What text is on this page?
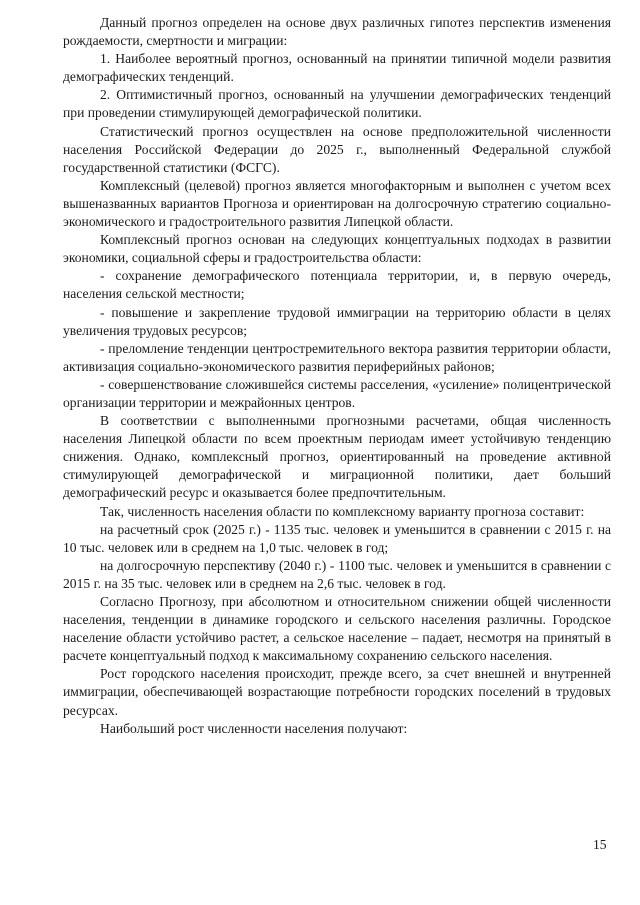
Данный прогноз определен на основе двух различных гипотез перспектив изменения рождаемости, смертности и миграции:

1. Наиболее вероятный прогноз, основанный на принятии типичной модели развития демографических тенденций.

2. Оптимистичный прогноз, основанный на улучшении демографических тенденций при проведении стимулирующей демографической политики.

Статистический прогноз осуществлен на основе предположительной численности населения Российской Федерации до 2025 г., выполненный Федеральной службой государственной статистики (ФСГС).

Комплексный (целевой) прогноз является многофакторным и выполнен с учетом всех вышеназванных вариантов Прогноза и ориентирован на долгосрочную стратегию социально-экономического и градостроительного развития Липецкой области.

Комплексный прогноз основан на следующих концептуальных подходах в развитии экономики, социальной сферы и градостроительства области:

- сохранение демографического потенциала территории, и, в первую очередь, населения сельской местности;

- повышение и закрепление трудовой иммиграции на территорию области в целях увеличения трудовых ресурсов;

- преломление тенденции центростремительного вектора развития территории области, активизация социально-экономического развития периферийных районов;

- совершенствование сложившейся системы расселения, «усиление» полицентрической организации территории и межрайонных центров.

В соответствии с выполненными прогнозными расчетами, общая численность населения Липецкой области по всем проектным периодам имеет устойчивую тенденцию снижения. Однако, комплексный прогноз, ориентированный на проведение активной стимулирующей демографической и миграционной политики, дает больший демографический ресурс и оказывается более предпочтительным.

Так, численность населения области по комплексному варианту прогноза составит:

на расчетный срок (2025 г.) - 1135 тыс. человек и уменьшится в сравнении с 2015 г. на 10 тыс. человек или в среднем на 1,0 тыс. человек в год;

на долгосрочную перспективу (2040 г.) - 1100 тыс. человек и уменьшится в сравнении с 2015 г. на 35 тыс. человек или в среднем на 2,6 тыс. человек в год.

Согласно Прогнозу, при абсолютном и относительном снижении общей численности населения, тенденции в динамике городского и сельского населения различны. Городское население области устойчиво растет, а сельское население – падает, несмотря на принятый в расчете концептуальный подход к максимальному сохранению сельского населения.

Рост городского населения происходит, прежде всего, за счет внешней и внутренней иммиграции, обеспечивающей возрастающие потребности городских поселений в трудовых ресурсах.

Наибольший рост численности населения получают:

15
